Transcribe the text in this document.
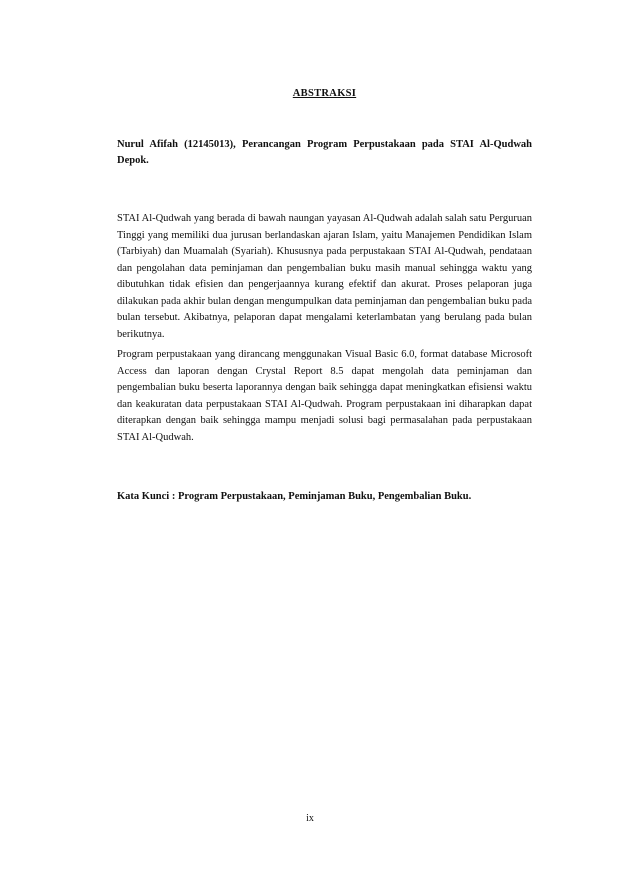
ABSTRAKSI
Nurul Afifah (12145013), Perancangan Program Perpustakaan pada STAI Al-Qudwah Depok.

STAI Al-Qudwah yang berada di bawah naungan yayasan Al-Qudwah adalah salah satu Perguruan Tinggi yang memiliki dua jurusan berlandaskan ajaran Islam, yaitu Manajemen Pendidikan Islam (Tarbiyah) dan Muamalah (Syariah). Khususnya pada perpustakaan STAI Al-Qudwah, pendataan dan pengolahan data peminjaman dan pengembalian buku masih manual sehingga waktu yang dibutuhkan tidak efisien dan pengerjaannya kurang efektif dan akurat. Proses pelaporan juga dilakukan pada akhir bulan dengan mengumpulkan data peminjaman dan pengembalian buku pada bulan tersebut. Akibatnya, pelaporan dapat mengalami keterlambatan yang berulang pada bulan berikutnya.

Program perpustakaan yang dirancang menggunakan Visual Basic 6.0, format database Microsoft Access dan laporan dengan Crystal Report 8.5 dapat mengolah data peminjaman dan pengembalian buku beserta laporannya dengan baik sehingga dapat meningkatkan efisiensi waktu dan keakuratan data perpustakaan STAI Al-Qudwah. Program perpustakaan ini diharapkan dapat diterapkan dengan baik sehingga mampu menjadi solusi bagi permasalahan pada perpustakaan STAI Al-Qudwah.

Kata Kunci : Program Perpustakaan, Peminjaman Buku, Pengembalian Buku.
ix
